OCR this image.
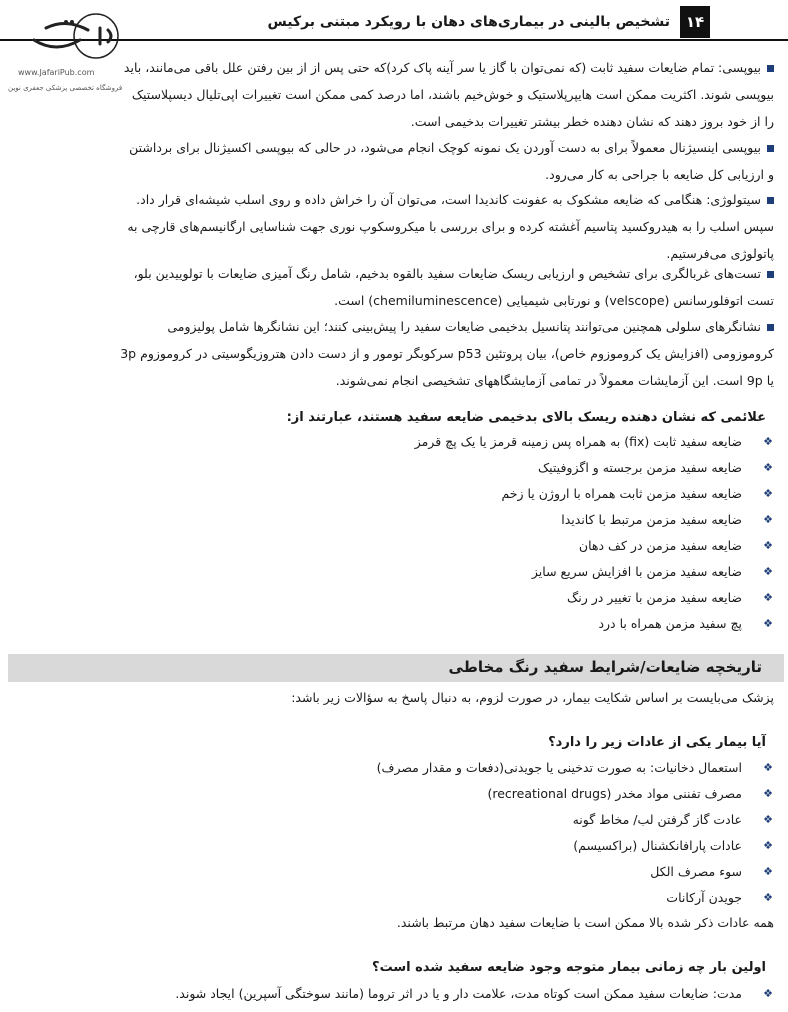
تشخیص بالینی در بیماری‌های دهان با رویکرد مبتنی برکیس	۱۴
www.JafariPub.com
فروشگاه تخصصی پزشکی جعفری نوین
بیوپسی: تمام ضایعات سفید ثابت (که نمی‌توان با گاز یا سر آینه پاک کرد)که حتی پس از از بین رفتن علل باقی می‌مانند، باید
بیوپسی شوند. اکثریت ممکن است هایپرپلاستیک و خوش‌خیم باشند، اما درصد کمی ممکن است تغییرات اپی‌تلیال دیسپلاستیک
را از خود بروز دهند که نشان دهنده خطر بیشتر تغییرات بدخیمی است.
بیوپسی اینسیژنال معمولاً برای به دست آوردن یک نمونه کوچک انجام می‌شود، در حالی که بیوپسی اکسیژنال برای برداشتن
و ارزیابی کل ضایعه با جراحی به کار می‌رود.
سیتولوژی: هنگامی که ضایعه مشکوک به عفونت کاندیدا است، می‌توان آن را خراش داده و روی اسلب شیشه‌ای قرار داد.
سپس اسلب را به هیدروکسید پتاسیم آغشته کرده و برای بررسی با میکروسکوپ نوری جهت شناسایی ارگانیسم‌های قارچی به
پاتولوژی می‌فرستیم.
تست‌های غربالگری برای تشخیص و ارزیابی ریسک ضایعات سفید بالقوه بدخیم، شامل رنگ آمیزی ضایعات با تولوییدین بلو،
تست اتوفلورسانس (velscope) و نورتابی شیمیایی (chemiluminescence) است.
نشانگرهای سلولی همچنین می‌توانند پتانسیل بدخیمی ضایعات سفید را پیش‌بینی کنند؛ این نشانگرها شامل پولیزومی
کروموزومی (افزایش یک کروموزوم خاص)، بیان پروتئین p53 سرکوبگر تومور و از دست دادن هتروزیگوسیتی در کروموزوم 3p
یا 9p است. این آزمایشات معمولاً در تمامی آزمایشگاههای تشخیصی انجام نمی‌شوند.
علائمی که نشان دهنده ریسک بالای بدخیمی ضایعه سفید هستند، عبارتند از:
❖
ضایعه سفید ثابت (fix) به همراه پس زمینه قرمز یا یک پچ قرمز
❖
ضایعه سفید مزمن برجسته و اگزوفیتیک
❖
ضایعه سفید مزمن ثابت همراه با اروژن یا زخم
❖
ضایعه سفید مزمن مرتبط با کاندیدا
❖
ضایعه سفید مزمن در کف دهان
❖
ضایعه سفید مزمن با افزایش سریع سایز
❖
ضایعه سفید مزمن با تغییر در رنگ
❖
پچ سفید مزمن همراه با درد
تاریخچه ضایعات/شرایط سفید رنگ مخاطی
پزشک می‌بایست بر اساس شکایت بیمار، در صورت لزوم، به دنبال پاسخ به سؤالات زیر باشد:
آیا بیمار یکی از عادات زیر را دارد؟
❖
استعمال دخانیات: به صورت تدخینی یا جویدنی(دفعات و مقدار مصرف)
❖
مصرف تفننی مواد مخدر (recreational drugs)
❖
عادت گاز گرفتن لب/ مخاط گونه
❖
عادات پارافانکشنال (براکسیسم)
❖
سوء مصرف الکل
❖
جویدن آرکانات
همه عادات ذکر شده بالا ممکن است با ضایعات سفید دهان مرتبط باشند.
اولین بار چه زمانی بیمار متوجه وجود ضایعه سفید شده است؟
❖
مدت: ضایعات سفید ممکن است کوتاه مدت، علامت دار و یا در اثر تروما (مانند سوختگی آسپرین) ایجاد شوند.
